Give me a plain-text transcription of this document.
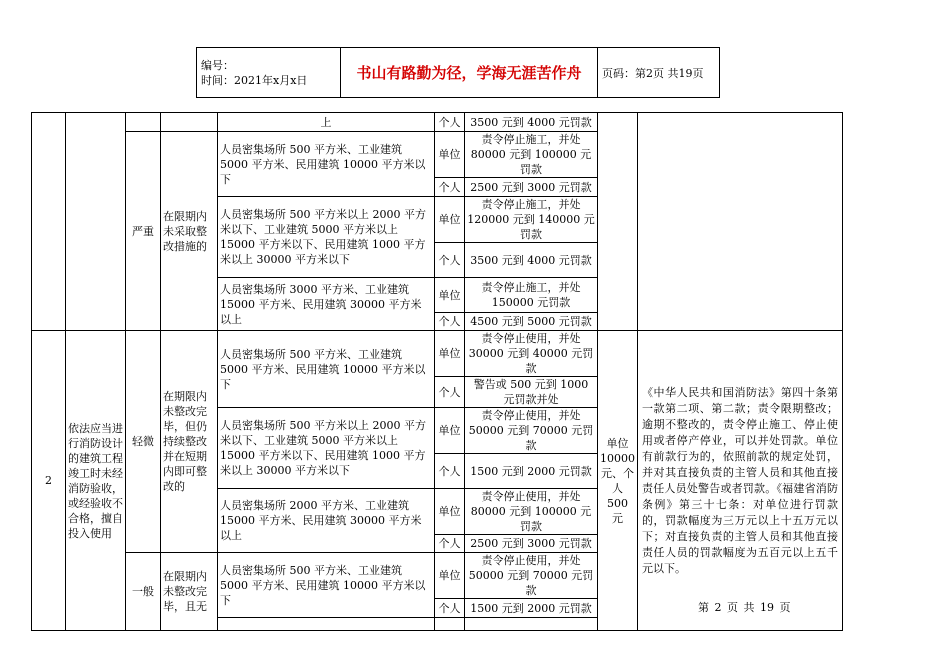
编号：
时间：2021年x月x日	书山有路勤为径，学海无涯苦作舟	页码：第2页 共19页
				上	个人	3500 元到 4000 元罚款		
		严重	在限期内未采取整改措施的	人员密集场所 500 平方米、工业建筑 5000 平方米、民用建筑 10000 平方米以下	单位	责令停止施工，并处 80000 元到 100000 元罚款		
					个人	2500 元到 3000 元罚款		
				人员密集场所 500 平方米以上 2000 平方米以下、工业建筑 5000 平方米以上 15000 平方米以下、民用建筑 1000 平方米以上 30000 平方米以下	单位	责令停止施工，并处 120000 元到 140000 元罚款		
					个人	3500 元到 4000 元罚款		
				人员密集场所 3000 平方米、工业建筑 15000 平方米、民用建筑 30000 平方米以上	单位	责令停止施工，并处 150000 元罚款		
					个人	4500 元到 5000 元罚款		
2	依法应当进行消防设计的建筑工程竣工时未经消防验收，或经验收不合格，擅自投入使用	轻微	在期限内未整改完毕，但仍持续整改并在短期内即可整改的	人员密集场所 500 平方米、工业建筑 5000 平方米、民用建筑 10000 平方米以下	单位	责令停止使用，并处 30000 元到 40000 元罚款	单位 10000 元、个人 500 元	《中华人民共和国消防法》第四十条第一款第二项、第二款；责令限期整改；逾期不整改的，责令停止施工、停止使用或者停产停业，可以并处罚款。单位有前款行为的，依照前款的规定处罚，并对其直接负责的主管人员和其他直接责任人员处警告或者罚款。《福建省消防条例》第三十七条：对单位进行罚款的，罚款幅度为三万元以上十五万元以下；对直接负责的主管人员和其他直接责任人员的罚款幅度为五百元以上五千元以下。
					个人	警告或 500 元到 1000 元罚款并处		
				人员密集场所 500 平方米以上 2000 平方米以下、工业建筑 5000 平方米以上 15000 平方米以下、民用建筑 1000 平方米以上 30000 平方米以下	单位	责令停止使用，并处 50000 元到 70000 元罚款		
					个人	1500 元到 2000 元罚款		
				人员密集场所 2000 平方米、工业建筑 15000 平方米、民用建筑 30000 平方米以上	单位	责令停止使用，并处 80000 元到 100000 元罚款		
					个人	2500 元到 3000 元罚款		
		一般	在限期内未整改完毕，且无	人员密集场所 500 平方米、工业建筑 5000 平方米、民用建筑 10000 平方米以下	单位	责令停止使用，并处 50000 元到 70000 元罚款		
					个人	1500 元到 2000 元罚款		
			第 2 页 共 19 页
